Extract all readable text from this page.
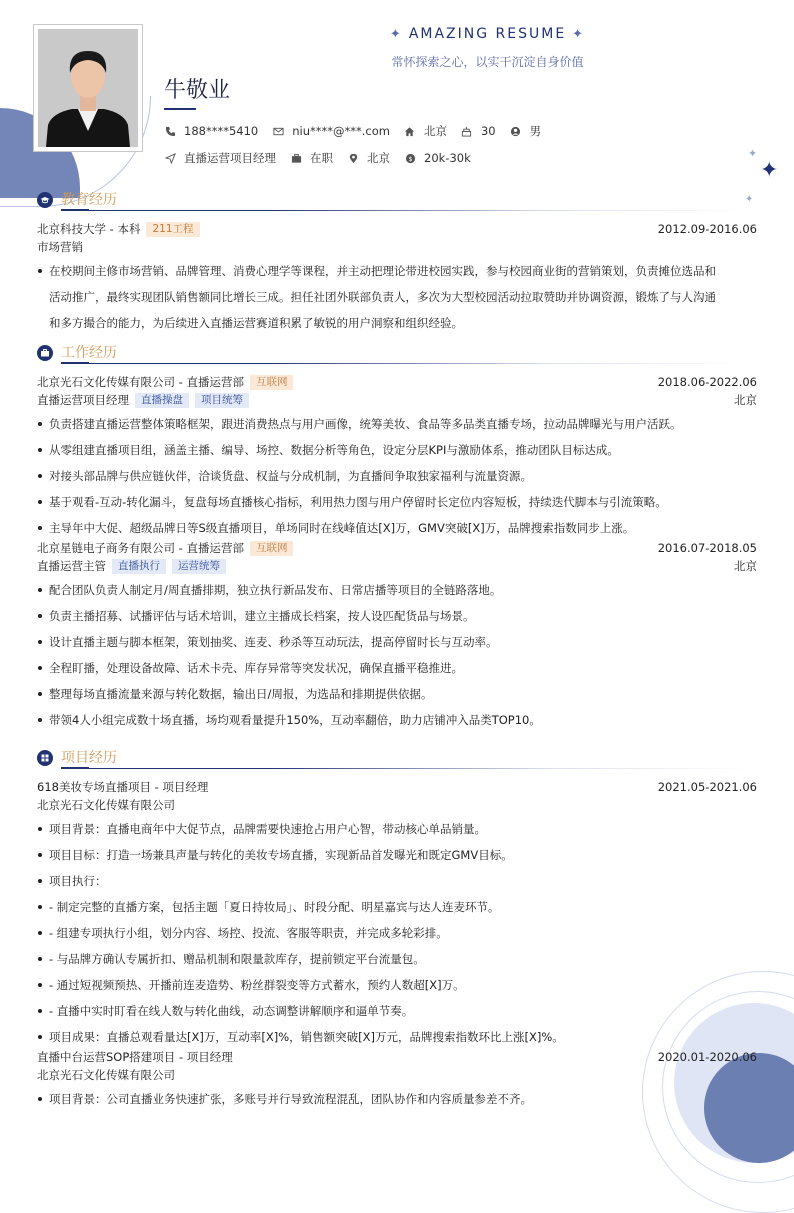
✦
✦
✦
✦ AMAZING RESUME ✦
常怀探索之心，以实干沉淀自身价值
牛敬业
188****5410	niu****@***.com	北京	30	男
直播运营项目经理	在职	北京	$ 20k-30k
教育经历
北京科技大学 - 本科	211工程	2012.09-2016.06
市场营销
在校期间主修市场营销、品牌管理、消费心理学等课程，并主动把理论带进校园实践，参与校园商业街的营销策划，负责摊位选品和
活动推广，最终实现团队销售额同比增长三成。担任社团外联部负责人，多次为大型校园活动拉取赞助并协调资源，锻炼了与人沟通
和多方撮合的能力，为后续进入直播运营赛道积累了敏锐的用户洞察和组织经验。
工作经历
北京光石文化传媒有限公司 - 直播运营部	互联网	2018.06-2022.06
直播运营项目经理	直播操盘	项目统筹	北京
负责搭建直播运营整体策略框架，跟进消费热点与用户画像，统筹美妆、食品等多品类直播专场，拉动品牌曝光与用户活跃。
从零组建直播项目组，涵盖主播、编导、场控、数据分析等角色，设定分层KPI与激励体系，推动团队目标达成。
对接头部品牌与供应链伙伴，洽谈货盘、权益与分成机制，为直播间争取独家福利与流量资源。
基于观看-互动-转化漏斗，复盘每场直播核心指标，利用热力图与用户停留时长定位内容短板，持续迭代脚本与引流策略。
主导年中大促、超级品牌日等S级直播项目，单场同时在线峰值达[X]万，GMV突破[X]万，品牌搜索指数同步上涨。
北京星链电子商务有限公司 - 直播运营部	互联网	2016.07-2018.05
直播运营主管	直播执行	运营统筹	北京
配合团队负责人制定月/周直播排期，独立执行新品发布、日常店播等项目的全链路落地。
负责主播招募、试播评估与话术培训，建立主播成长档案，按人设匹配货品与场景。
设计直播主题与脚本框架，策划抽奖、连麦、秒杀等互动玩法，提高停留时长与互动率。
全程盯播，处理设备故障、话术卡壳、库存异常等突发状况，确保直播平稳推进。
整理每场直播流量来源与转化数据，输出日/周报，为选品和排期提供依据。
带领4人小组完成数十场直播，场均观看量提升150%，互动率翻倍，助力店铺冲入品类TOP10。
项目经历
618美妆专场直播项目 - 项目经理	2021.05-2021.06
北京光石文化传媒有限公司
项目背景：直播电商年中大促节点，品牌需要快速抢占用户心智，带动核心单品销量。
项目目标：打造一场兼具声量与转化的美妆专场直播，实现新品首发曝光和既定GMV目标。
项目执行：
- 制定完整的直播方案，包括主题「夏日持妆局」、时段分配、明星嘉宾与达人连麦环节。
- 组建专项执行小组，划分内容、场控、投流、客服等职责，并完成多轮彩排。
- 与品牌方确认专属折扣、赠品机制和限量款库存，提前锁定平台流量包。
- 通过短视频预热、开播前连麦造势、粉丝群裂变等方式蓄水，预约人数超[X]万。
- 直播中实时盯看在线人数与转化曲线，动态调整讲解顺序和逼单节奏。
项目成果：直播总观看量达[X]万，互动率[X]%，销售额突破[X]万元，品牌搜索指数环比上涨[X]%。
直播中台运营SOP搭建项目 - 项目经理	2020.01-2020.06
北京光石文化传媒有限公司
项目背景：公司直播业务快速扩张，多账号并行导致流程混乱，团队协作和内容质量参差不齐。
